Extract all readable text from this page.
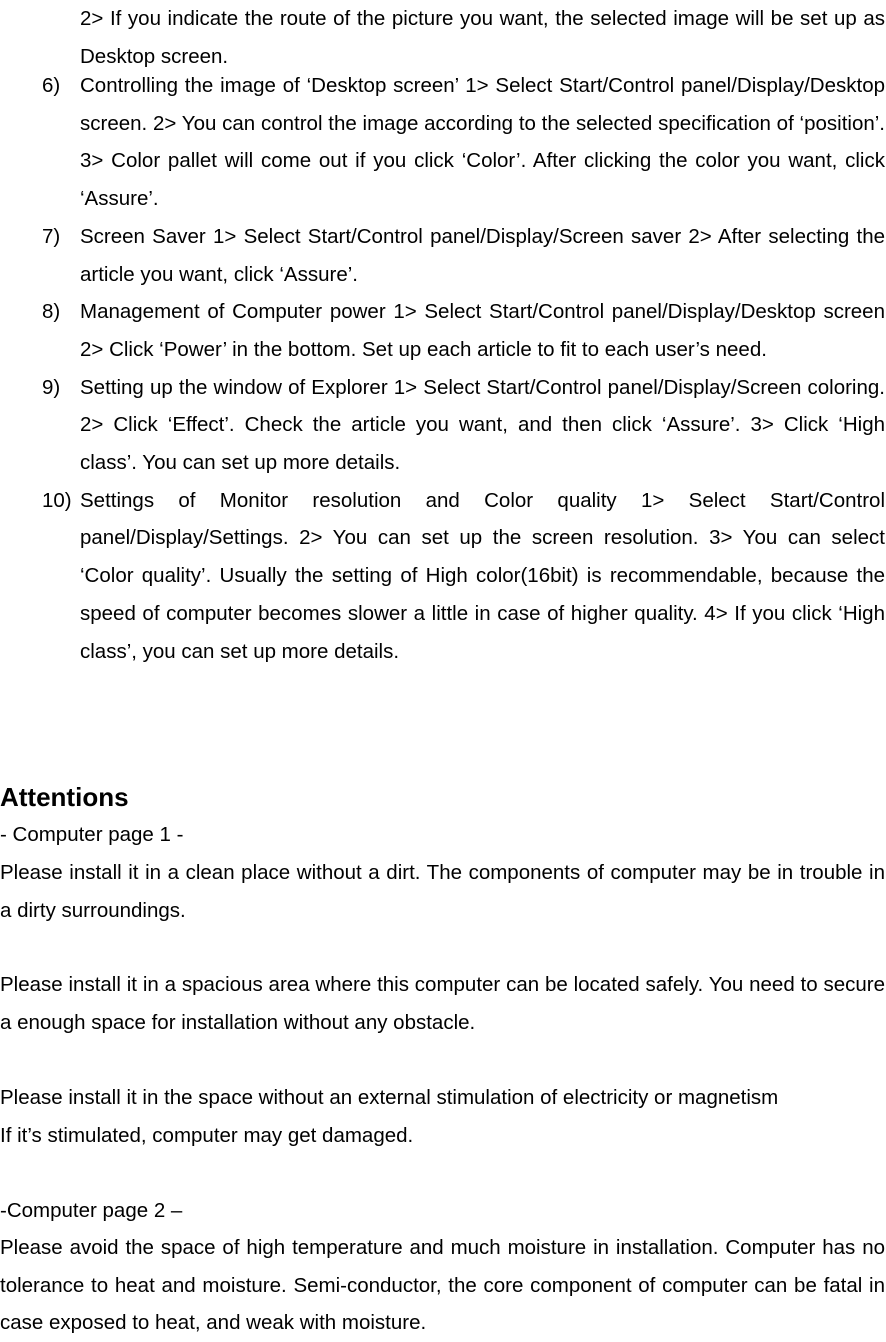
2> If you indicate the route of the picture you want, the selected image will be set up as Desktop screen.
6) Controlling the image of ‘Desktop screen’ 1> Select Start/Control panel/Display/Desktop screen. 2> You can control the image according to the selected specification of ‘position’. 3> Color pallet will come out if you click ‘Color’. After clicking the color you want, click ‘Assure’.
7) Screen Saver 1> Select Start/Control panel/Display/Screen saver 2> After selecting the article you want, click ‘Assure’.
8) Management of Computer power 1> Select Start/Control panel/Display/Desktop screen 2> Click ‘Power’ in the bottom. Set up each article to fit to each user’s need.
9) Setting up the window of Explorer 1> Select Start/Control panel/Display/Screen coloring. 2> Click ‘Effect’. Check the article you want, and then click ‘Assure’. 3> Click ‘High class’. You can set up more details.
10) Settings of Monitor resolution and Color quality 1> Select Start/Control panel/Display/Settings. 2> You can set up the screen resolution. 3> You can select ‘Color quality’. Usually the setting of High color(16bit) is recommendable, because the speed of computer becomes slower a little in case of higher quality. 4> If you click ‘High class’, you can set up more details.
Attentions
- Computer page 1 -
Please install it in a clean place without a dirt. The components of computer may be in trouble in a dirty surroundings.
Please install it in a spacious area where this computer can be located safely. You need to secure a enough space for installation without any obstacle.
Please install it in the space without an external stimulation of electricity or magnetism
If it’s stimulated, computer may get damaged.
-Computer page 2 –
Please avoid the space of high temperature and much moisture in installation. Computer has no tolerance to heat and moisture. Semi-conductor, the core component of computer can be fatal in case exposed to heat, and weak with moisture.
